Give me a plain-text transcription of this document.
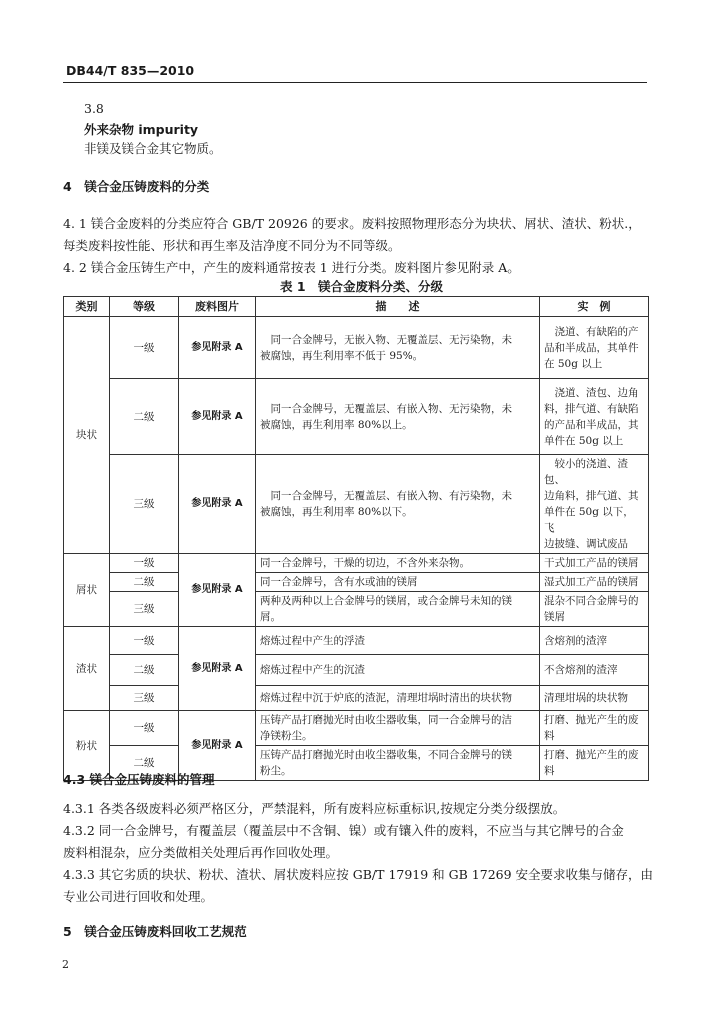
DB44/T 835—2010
3.8
外来杂物 impurity
非镁及镁合金其它物质。
4　镁合金压铸废料的分类
4. 1 镁合金废料的分类应符合 GB/T 20926 的要求。废料按照物理形态分为块状、屑状、渣状、粉状.，
每类废料按性能、形状和再生率及洁净度不同分为不同等级。
4. 2 镁合金压铸生产中，产生的废料通常按表 1 进行分类。废料图片参见附录 A。
表 1　镁合金废料分类、分级
类别	等级	废料图片	描　　述	实　例
块状	一级	参见附录 A	同一合金牌号，无嵌入物、无覆盖层、无污染物，未
被腐蚀，再生利用率不低于 95%。	浇道、有缺陷的产
品和半成品，其单件
在 50g 以上
	二级	参见附录 A	同一合金牌号，无覆盖层、有嵌入物、无污染物，未
被腐蚀，再生利用率 80%以上。	浇道、渣包、边角
料，排气道、有缺陷
的产品和半成品，其
单件在 50g 以上
	三级	参见附录 A	同一合金牌号，无覆盖层、有嵌入物、有污染物，未
被腐蚀，再生利用率 80%以下。	较小的浇道、渣包、
边角料，排气道、其
单件在 50g 以下，飞
边披缝、调试废品
屑状	一级	参见附录 A	同一合金牌号，干燥的切边，不含外来杂物。	干式加工产品的镁屑
	二级		同一合金牌号，含有水或油的镁屑	湿式加工产品的镁屑
	三级		两种及两种以上合金牌号的镁屑，或合金牌号未知的镁
屑。	混杂不同合金牌号的
镁屑
渣状	一级	参见附录 A	熔炼过程中产生的浮渣	含熔剂的渣滓
	二级		熔炼过程中产生的沉渣	不含熔剂的渣滓
	三级		熔炼过程中沉于炉底的渣泥，清理坩埚时清出的块状物	清理坩埚的块状物
粉状	一级	参见附录 A	压铸产品打磨抛光时由收尘器收集，同一合金牌号的洁
净镁粉尘。	打磨、抛光产生的废
料
	二级		压铸产品打磨抛光时由收尘器收集，不同合金牌号的镁
粉尘。	打磨、抛光产生的废
料
4.3 镁合金压铸废料的管理
4.3.1 各类各级废料必须严格区分，严禁混料，所有废料应标重标识,按规定分类分级摆放。
4.3.2 同一合金牌号，有覆盖层（覆盖层中不含铜、镍）或有镶入件的废料，不应当与其它牌号的合金
废料相混杂，应分类做相关处理后再作回收处理。
4.3.3 其它劣质的块状、粉状、渣状、屑状废料应按 GB/T 17919 和 GB 17269 安全要求收集与储存，由
专业公司进行回收和处理。
5　镁合金压铸废料回收工艺规范
2
